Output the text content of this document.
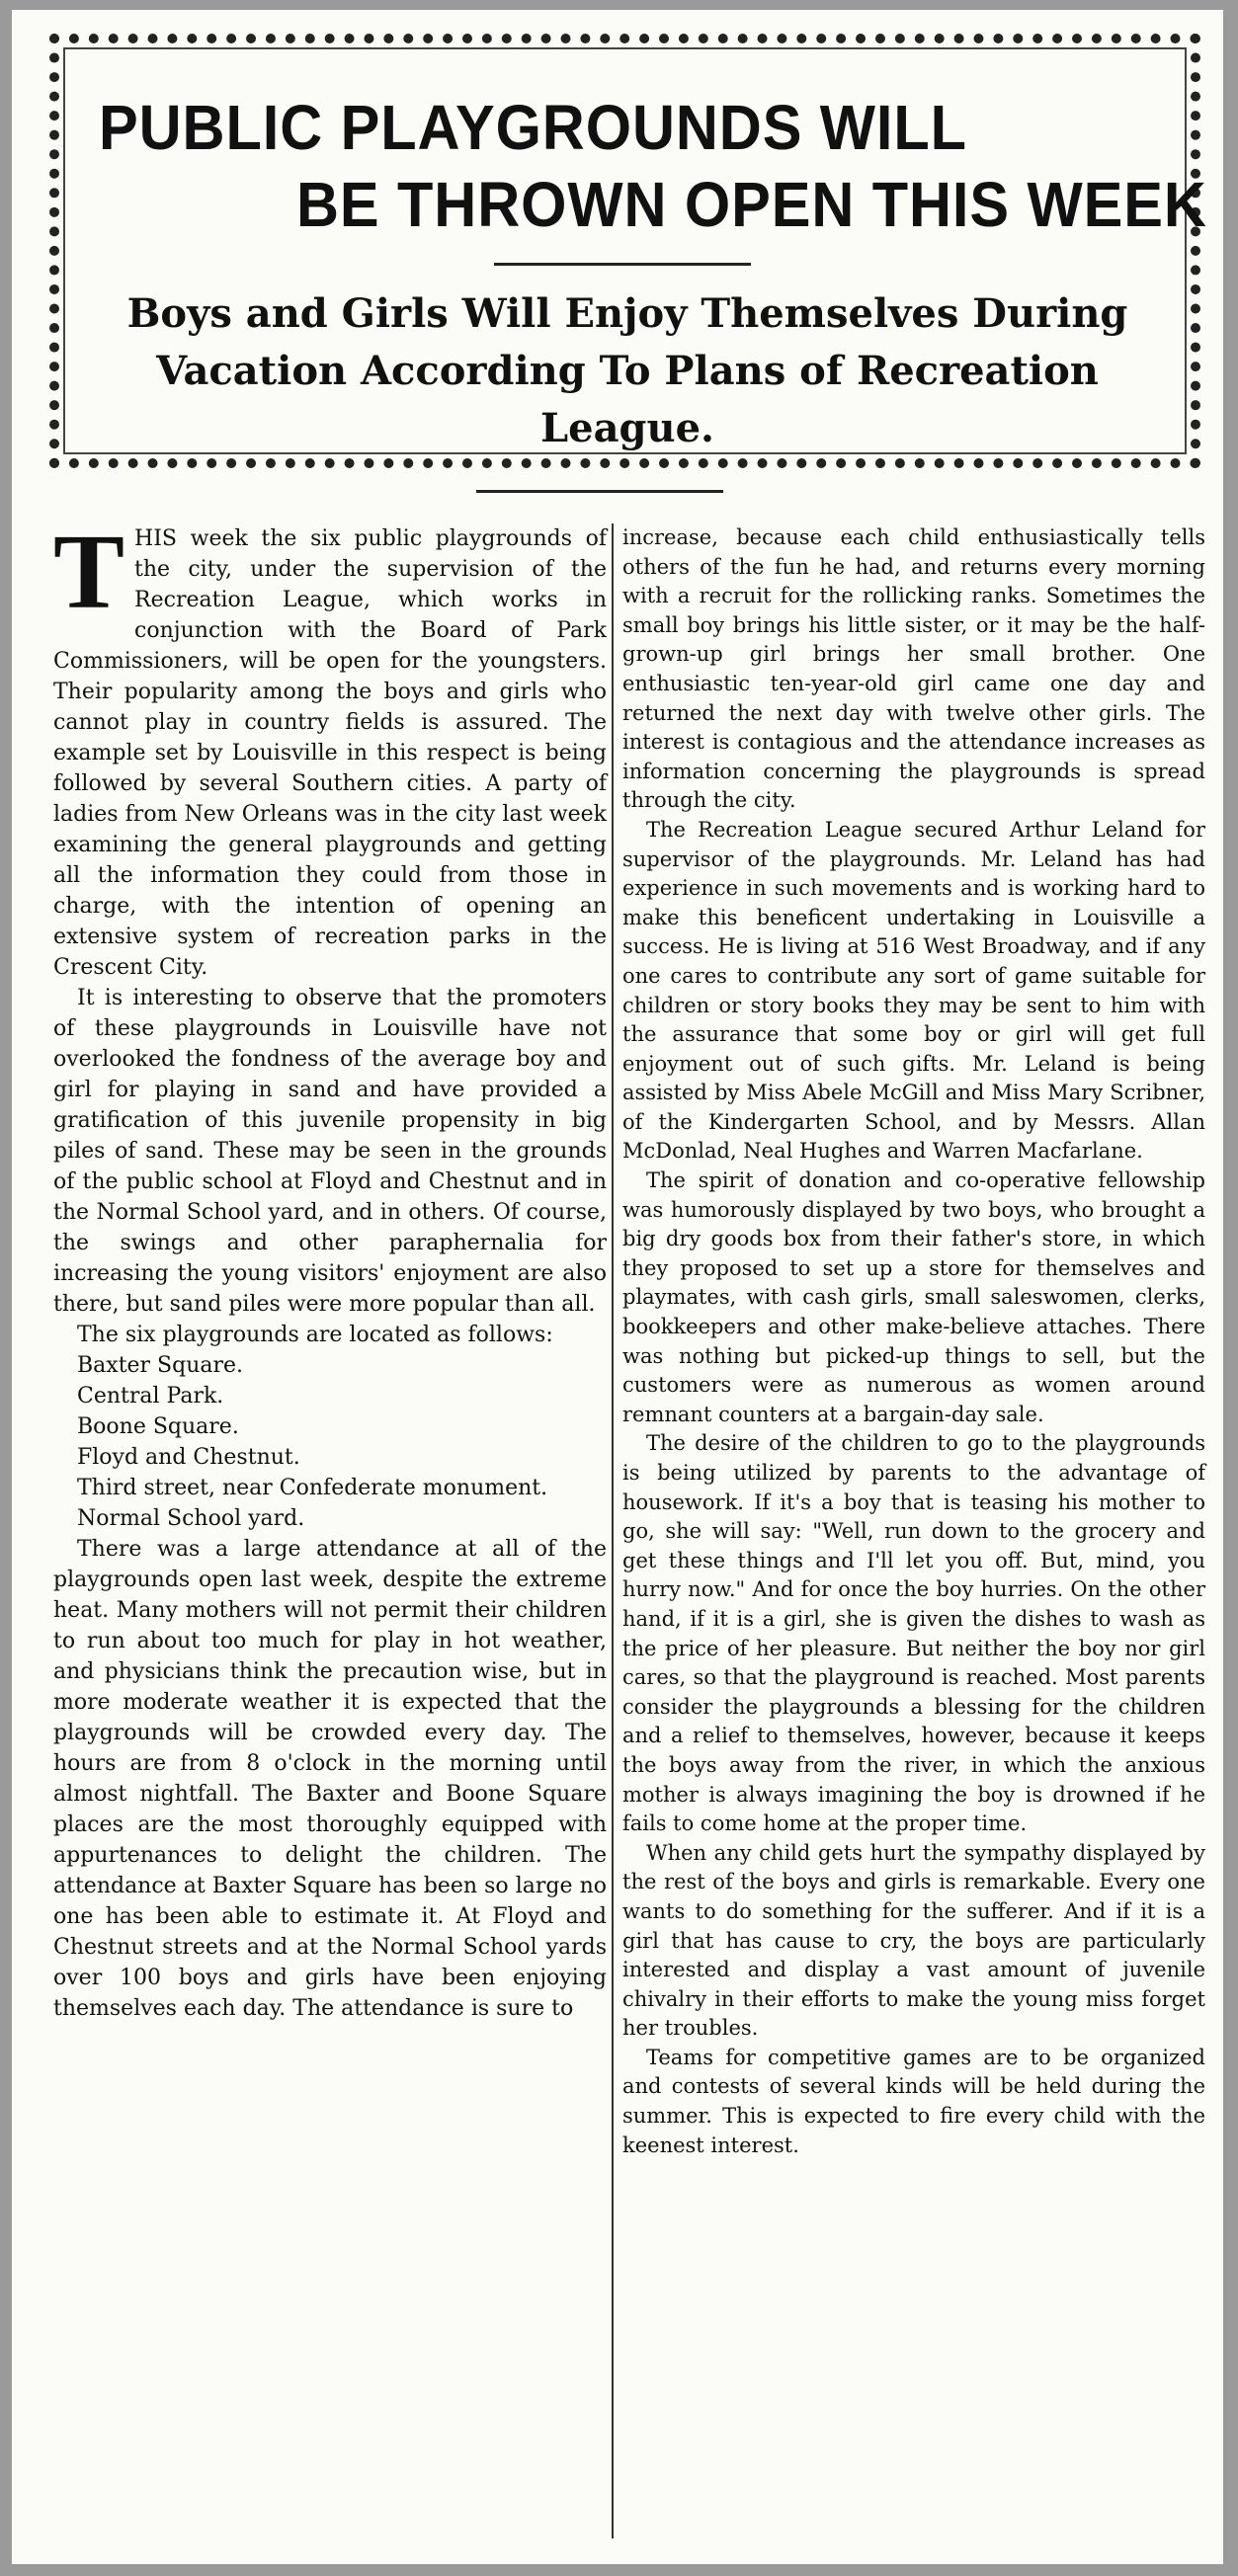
PUBLIC PLAYGROUNDS WILL
BE THROWN OPEN THIS WEEK
Boys and Girls Will Enjoy Themselves During Vacation According To Plans of Recreation League.

THIS week the six public playgrounds of the city, under the supervision of the Recreation League, which works in conjunction with the Board of Park Commissioners, will be open for the youngsters. Their popularity among the boys and girls who cannot play in country fields is assured. The example set by Louisville in this respect is being followed by several Southern cities. A party of ladies from New Orleans was in the city last week examining the general playgrounds and getting all the information they could from those in charge, with the intention of opening an extensive system of recreation parks in the Crescent City.

It is interesting to observe that the promoters of these playgrounds in Louisville have not overlooked the fondness of the average boy and girl for playing in sand and have provided a gratification of this juvenile propensity in big piles of sand. These may be seen in the grounds of the public school at Floyd and Chestnut and in the Normal School yard, and in others. Of course, the swings and other paraphernalia for increasing the young visitors' enjoyment are also there, but sand piles were more popular than all.

The six playgrounds are located as follows:

Baxter Square.
Central Park.
Boone Square.
Floyd and Chestnut.
Third street, near Confederate monument.
Normal School yard.

There was a large attendance at all of the playgrounds open last week, despite the extreme heat. Many mothers will not permit their children to run about too much for play in hot weather, and physicians think the precaution wise, but in more moderate weather it is expected that the playgrounds will be crowded every day. The hours are from 8 o'clock in the morning until almost nightfall. The Baxter and Boone Square places are the most thoroughly equipped with appurtenances to delight the children. The attendance at Baxter Square has been so large no one has been able to estimate it. At Floyd and Chestnut streets and at the Normal School yards over 100 boys and girls have been enjoying themselves each day. The attendance is sure to

increase, because each child enthusiastically tells others of the fun he had, and returns every morning with a recruit for the rollicking ranks. Sometimes the small boy brings his little sister, or it may be the half-grown-up girl brings her small brother. One enthusiastic ten-year-old girl came one day and returned the next day with twelve other girls. The interest is contagious and the attendance increases as information concerning the playgrounds is spread through the city.

The Recreation League secured Arthur Leland for supervisor of the playgrounds. Mr. Leland has had experience in such movements and is working hard to make this beneficent undertaking in Louisville a success. He is living at 516 West Broadway, and if any one cares to contribute any sort of game suitable for children or story books they may be sent to him with the assurance that some boy or girl will get full enjoyment out of such gifts. Mr. Leland is being assisted by Miss Abele McGill and Miss Mary Scribner, of the Kindergarten School, and by Messrs. Allan McDonlad, Neal Hughes and Warren Macfarlane.

The spirit of donation and co-operative fellowship was humorously displayed by two boys, who brought a big dry goods box from their father's store, in which they proposed to set up a store for themselves and playmates, with cash girls, small saleswomen, clerks, bookkeepers and other make-believe attaches. There was nothing but picked-up things to sell, but the customers were as numerous as women around remnant counters at a bargain-day sale.

The desire of the children to go to the playgrounds is being utilized by parents to the advantage of housework. If it's a boy that is teasing his mother to go, she will say: "Well, run down to the grocery and get these things and I'll let you off. But, mind, you hurry now." And for once the boy hurries. On the other hand, if it is a girl, she is given the dishes to wash as the price of her pleasure. But neither the boy nor girl cares, so that the playground is reached. Most parents consider the playgrounds a blessing for the children and a relief to themselves, however, because it keeps the boys away from the river, in which the anxious mother is always imagining the boy is drowned if he fails to come home at the proper time.

When any child gets hurt the sympathy displayed by the rest of the boys and girls is remarkable. Every one wants to do something for the sufferer. And if it is a girl that has cause to cry, the boys are particularly interested and display a vast amount of juvenile chivalry in their efforts to make the young miss forget her troubles.

Teams for competitive games are to be organized and contests of several kinds will be held during the summer. This is expected to fire every child with the keenest interest.
